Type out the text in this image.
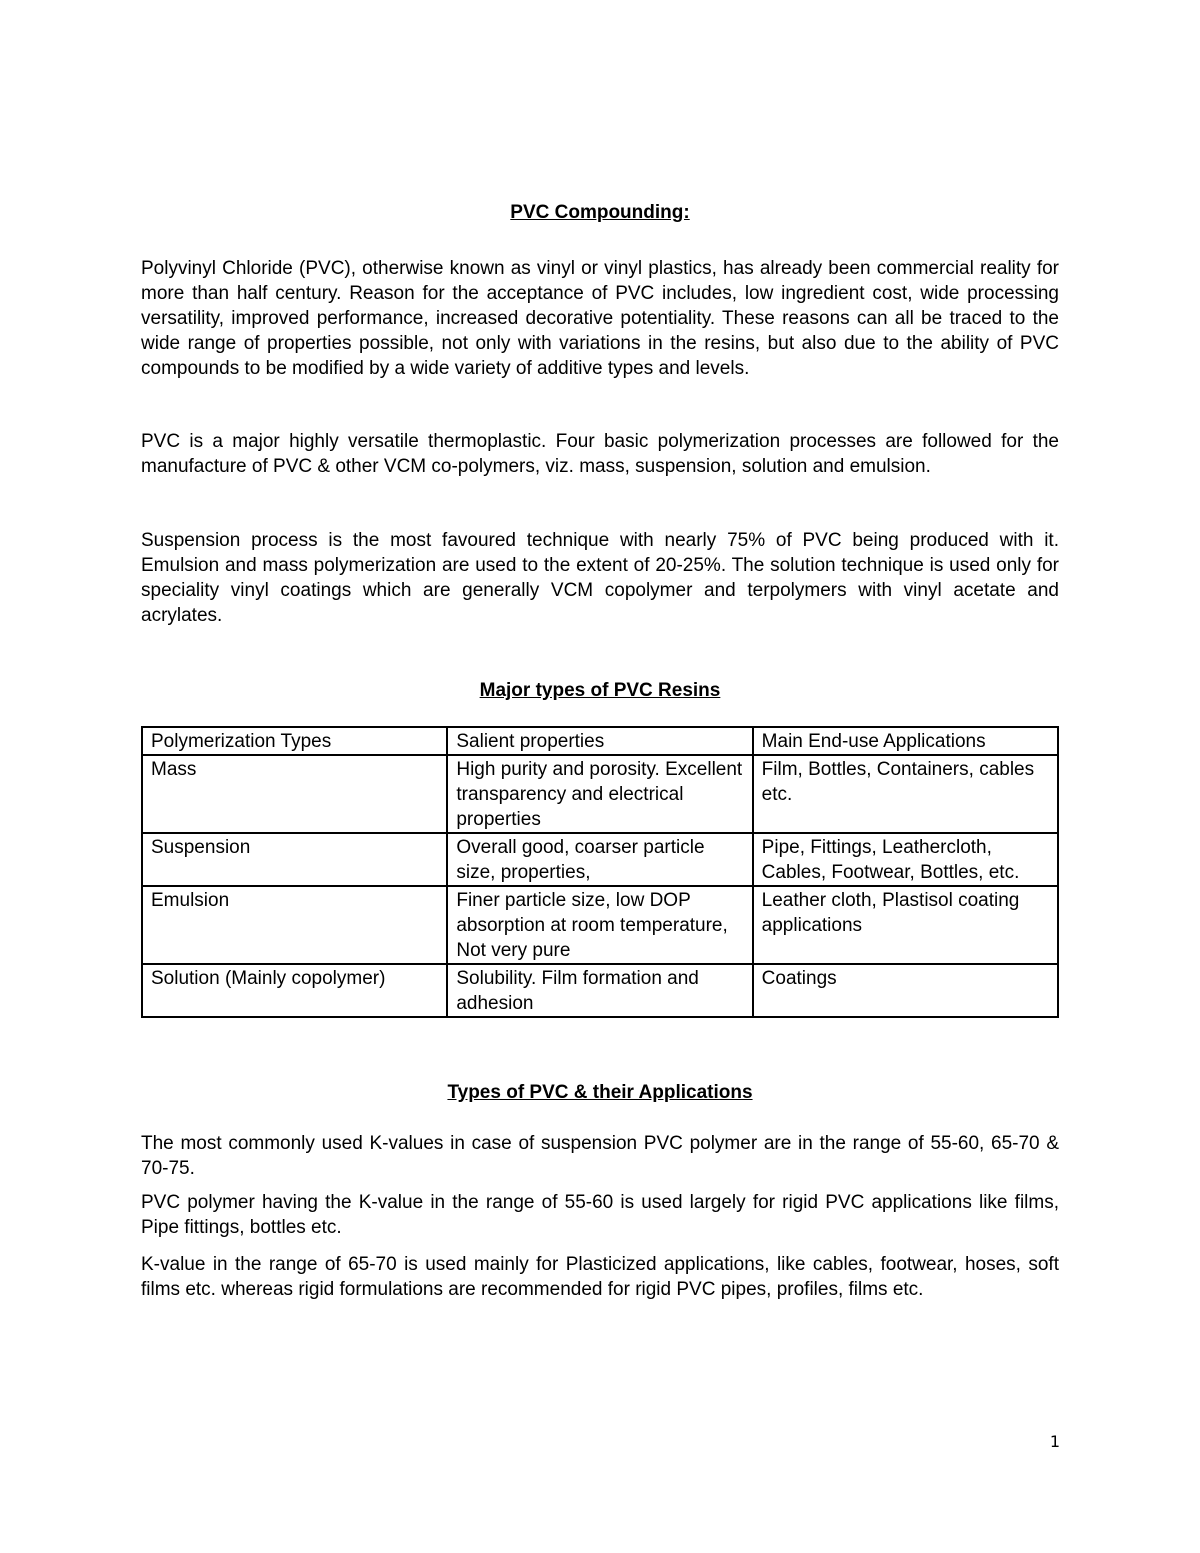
PVC Compounding:

Polyvinyl Chloride (PVC), otherwise known as vinyl or vinyl plastics, has already been commercial reality for more than half century. Reason for the acceptance of PVC includes, low ingredient cost, wide processing versatility, improved performance, increased decorative potentiality. These reasons can all be traced to the wide range of properties possible, not only with variations in the resins, but also due to the ability of PVC compounds to be modified by a wide variety of additive types and levels.

PVC is a major highly versatile thermoplastic. Four basic polymerization processes are followed for the manufacture of PVC & other VCM co-polymers, viz. mass, suspension, solution and emulsion.

Suspension process is the most favoured technique with nearly 75% of PVC being produced with it. Emulsion and mass polymerization are used to the extent of 20-25%. The solution technique is used only for speciality vinyl coatings which are generally VCM copolymer and terpolymers with vinyl acetate and acrylates.

Major types of PVC Resins
Polymerization Types	Salient properties	Main End-use Applications
Mass	High purity and porosity. Excellent transparency and electrical properties	Film, Bottles, Containers, cables etc.
Suspension	Overall good, coarser particle size, properties,	Pipe, Fittings, Leathercloth, Cables, Footwear, Bottles, etc.
Emulsion	Finer particle size, low DOP absorption at room temperature, Not very pure	Leather cloth, Plastisol coating applications
Solution (Mainly copolymer)	Solubility. Film formation and adhesion	Coatings
Types of PVC & their Applications

The most commonly used K-values in case of suspension PVC polymer are in the range of 55-60, 65-70 & 70-75.

PVC polymer having the K-value in the range of 55-60 is used largely for rigid PVC applications like films, Pipe fittings, bottles etc.

K-value in the range of 65-70 is used mainly for Plasticized applications, like cables, footwear, hoses, soft films etc. whereas rigid formulations are recommended for rigid PVC pipes, profiles, films etc.

1
